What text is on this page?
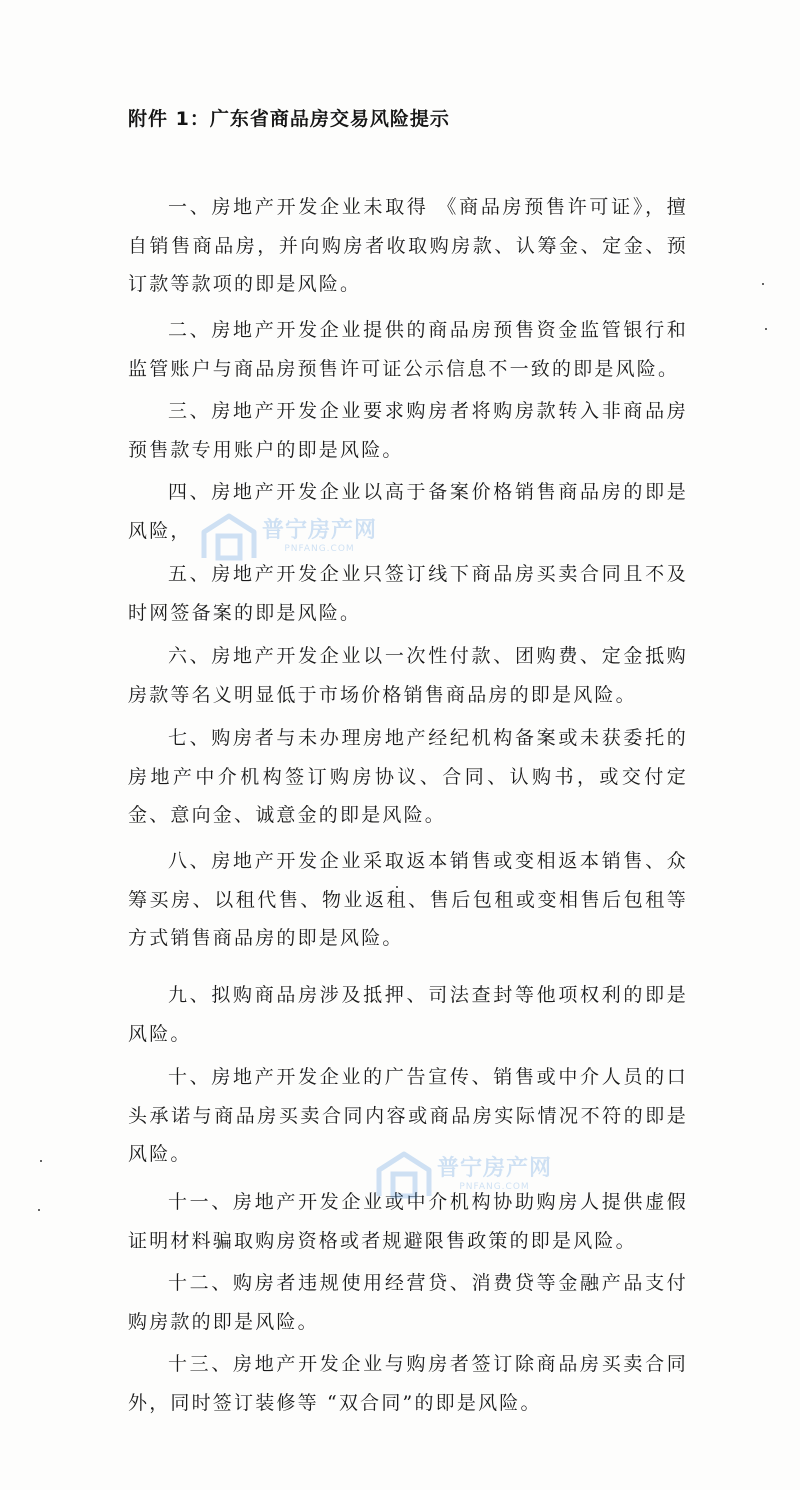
附件 1：广东省商品房交易风险提示

一、房地产开发企业未取得 《商品房预售许可证》，擅自销售商品房，并向购房者收取购房款、认筹金、定金、预订款等款项的即是风险。

二、房地产开发企业提供的商品房预售资金监管银行和监管账户与商品房预售许可证公示信息不一致的即是风险。

三、房地产开发企业要求购房者将购房款转入非商品房预售款专用账户的即是风险。

四、房地产开发企业以高于备案价格销售商品房的即是风险，

五、房地产开发企业只签订线下商品房买卖合同且不及时网签备案的即是风险。

六、房地产开发企业以一次性付款、团购费、定金抵购房款等名义明显低于市场价格销售商品房的即是风险。

七、购房者与未办理房地产经纪机构备案或未获委托的房地产中介机构签订购房协议、合同、认购书，或交付定金、意向金、诚意金的即是风险。

八、房地产开发企业采取返本销售或变相返本销售、众筹买房、以租代售、物业返租、售后包租或变相售后包租等方式销售商品房的即是风险。

九、拟购商品房涉及抵押、司法查封等他项权利的即是风险。

十、房地产开发企业的广告宣传、销售或中介人员的口头承诺与商品房买卖合同内容或商品房实际情况不符的即是风险。

十一、房地产开发企业或中介机构协助购房人提供虚假证明材料骗取购房资格或者规避限售政策的即是风险。

十二、购房者违规使用经营贷、消费贷等金融产品支付购房款的即是风险。

十三、房地产开发企业与购房者签订除商品房买卖合同外，同时签订装修等 “双合同”的即是风险。

普宁房产网
PNFANG.COM
普宁房产网
PNFANG.COM
